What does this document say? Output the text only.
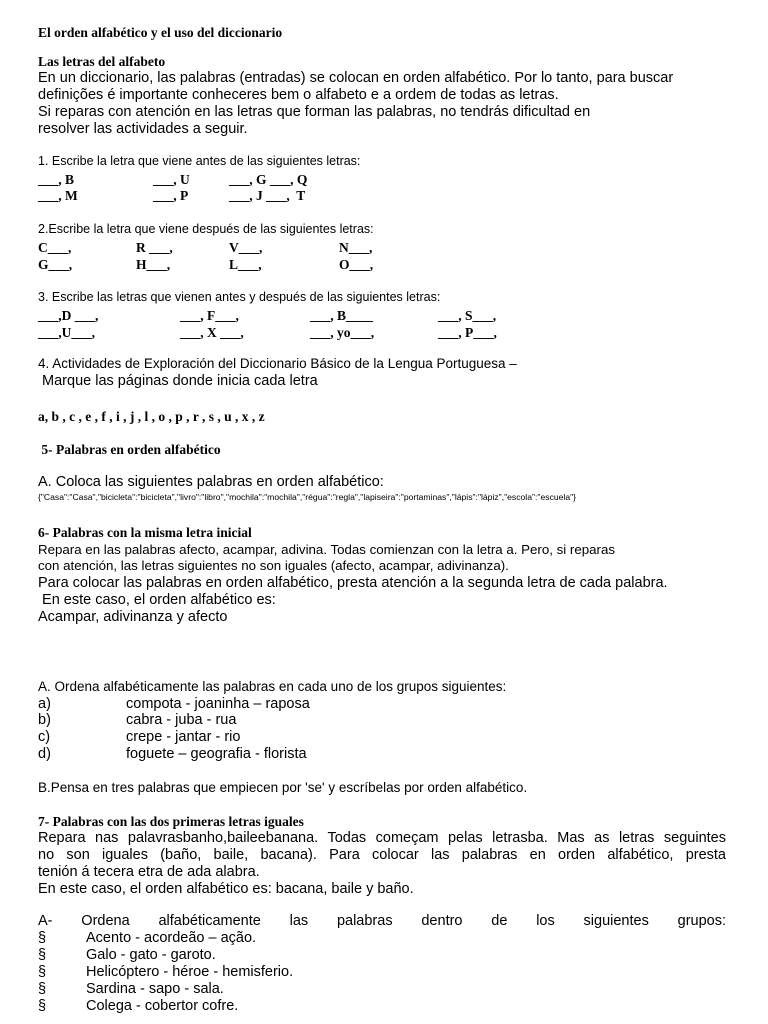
El orden alfabético y el uso del diccionario
Las letras del alfabeto
En un diccionario, las palabras (entradas) se colocan en orden alfabético. Por lo tanto, para buscar
definições é importante conheceres bem o alfabeto e a ordem de todas as letras.
Si reparas con atención en las letras que forman las palabras, no tendrás dificultad en
resolver las actividades a seguir.
1. Escribe la letra que viene antes de las siguientes letras:
___, B	___, U	___, G ___, Q
___, M	___, P	___, J ___,  T
2.Escribe la letra que viene después de las siguientes letras:
C___,	R ___,	V___,	N___,
G___,	H___,	L___,	O___,
3. Escribe las letras que vienen antes y después de las siguientes letras:
___,D ___,	___, F___,	___, B____	___, S___,
___,U___,	___, X ___,	___, yo___,	___, P___,
4. Actividades de Exploración del Diccionario Básico de la Lengua Portuguesa –
Marque las páginas donde inicia cada letra
a, b , c , e , f , i , j , l , o , p , r , s , u , x , z
5- Palabras en orden alfabético
A. Coloca las siguientes palabras en orden alfabético:
{"Casa":"Casa","bicicleta":"bicicleta","livro":"libro","mochila":"mochila","régua":"regla","lapiseira":"portaminas","lápis":"lápiz","escola":"escuela"}
6- Palabras con la misma letra inicial
Repara en las palabras afecto, acampar, adivina. Todas comienzan con la letra a. Pero, si reparas
con atención, las letras siguientes no son iguales (afecto, acampar, adivinanza).
Para colocar las palabras en orden alfabético, presta atención a la segunda letra de cada palabra.
En este caso, el orden alfabético es:
Acampar, adivinanza y afecto
A. Ordena alfabéticamente las palabras en cada uno de los grupos siguientes:
a)	compota - joaninha – raposa
b)	cabra - juba - rua
c)	crepe - jantar - rio
d)	foguete – geografia - florista
B.Pensa en tres palabras que empiecen por 'se' y escríbelas por orden alfabético.
7- Palabras con las dos primeras letras iguales
Repara nas palavrasbanho,baileebanana. Todas começam pelas letrasba. Mas as letras seguintes
no son iguales (baño, baile, bacana). Para colocar las palabras en orden alfabético, presta
tenión á tecera etra de ada alabra.
En este caso, el orden alfabético es: bacana, baile y baño.
A- Ordena alfabéticamente las palabras dentro de los siguientes grupos:
§	Acento - acordeão – ação.
§	Galo - gato - garoto.
§	Helicóptero - héroe - hemisferio.
§	Sardina - sapo - sala.
§	Colega - cobertor cofre.
